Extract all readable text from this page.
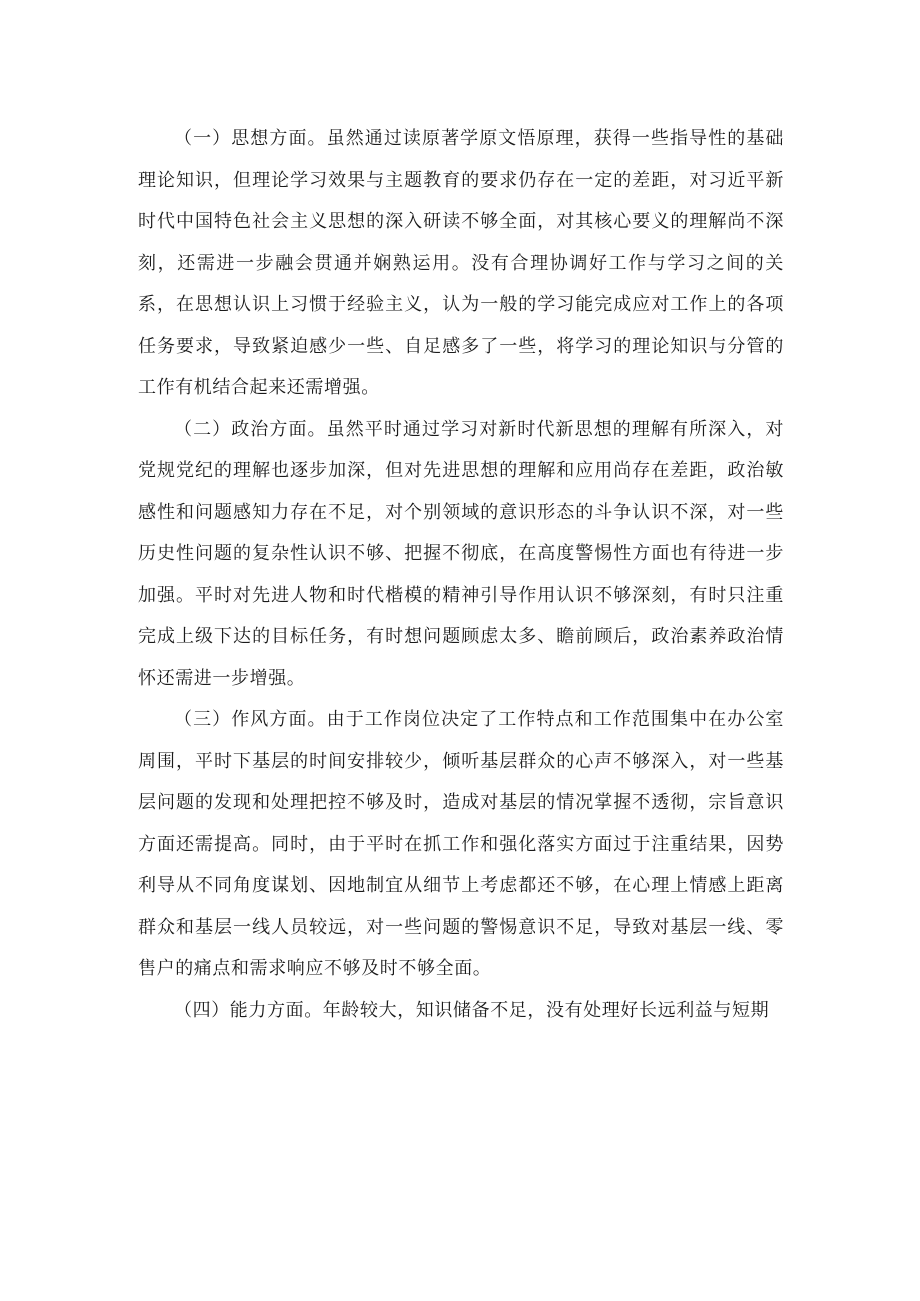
（一）思想方面。虽然通过读原著学原文悟原理，获得一些指导性的基础理论知识，但理论学习效果与主题教育的要求仍存在一定的差距，对习近平新时代中国特色社会主义思想的深入研读不够全面，对其核心要义的理解尚不深刻，还需进一步融会贯通并娴熟运用。没有合理协调好工作与学习之间的关系，在思想认识上习惯于经验主义，认为一般的学习能完成应对工作上的各项任务要求，导致紧迫感少一些、自足感多了一些，将学习的理论知识与分管的工作有机结合起来还需增强。

（二）政治方面。虽然平时通过学习对新时代新思想的理解有所深入，对党规党纪的理解也逐步加深，但对先进思想的理解和应用尚存在差距，政治敏感性和问题感知力存在不足，对个别领域的意识形态的斗争认识不深，对一些历史性问题的复杂性认识不够、把握不彻底，在高度警惕性方面也有待进一步加强。平时对先进人物和时代楷模的精神引导作用认识不够深刻，有时只注重完成上级下达的目标任务，有时想问题顾虑太多、瞻前顾后，政治素养政治情怀还需进一步增强。

（三）作风方面。由于工作岗位决定了工作特点和工作范围集中在办公室周围，平时下基层的时间安排较少，倾听基层群众的心声不够深入，对一些基层问题的发现和处理把控不够及时，造成对基层的情况掌握不透彻，宗旨意识方面还需提高。同时，由于平时在抓工作和强化落实方面过于注重结果，因势利导从不同角度谋划、因地制宜从细节上考虑都还不够，在心理上情感上距离群众和基层一线人员较远，对一些问题的警惕意识不足，导致对基层一线、零售户的痛点和需求响应不够及时不够全面。

（四）能力方面。年龄较大，知识储备不足，没有处理好长远利益与短期
